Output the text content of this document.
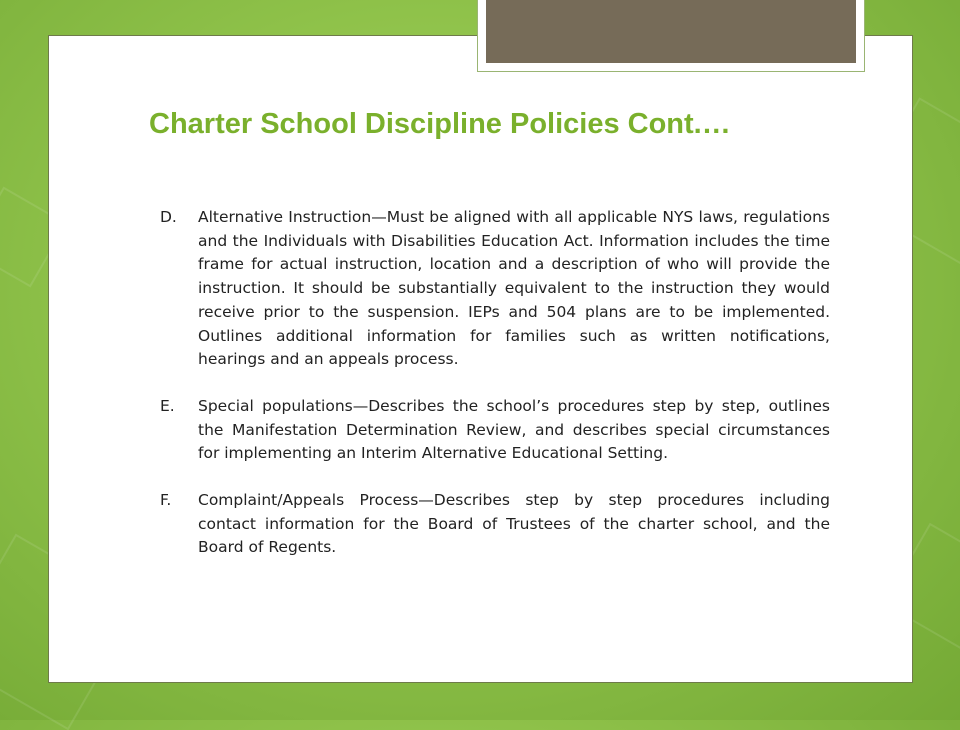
Charter School Discipline Policies Cont.…
D.	Alternative Instruction—Must be aligned with all applicable NYS laws, regulations and the Individuals with Disabilities Education Act. Information includes the time frame for actual instruction, location and a description of who will provide the instruction. It should be substantially equivalent to the instruction they would receive prior to the suspension. IEPs and 504 plans are to be implemented. Outlines additional information for families such as written notifications, hearings and an appeals process.
E.	Special populations—Describes the school’s procedures step by step, outlines the Manifestation Determination Review, and describes special circumstances for implementing an Interim Alternative Educational Setting.
F.	Complaint/Appeals Process—Describes step by step procedures including contact information for the Board of Trustees of the charter school, and the Board of Regents.
